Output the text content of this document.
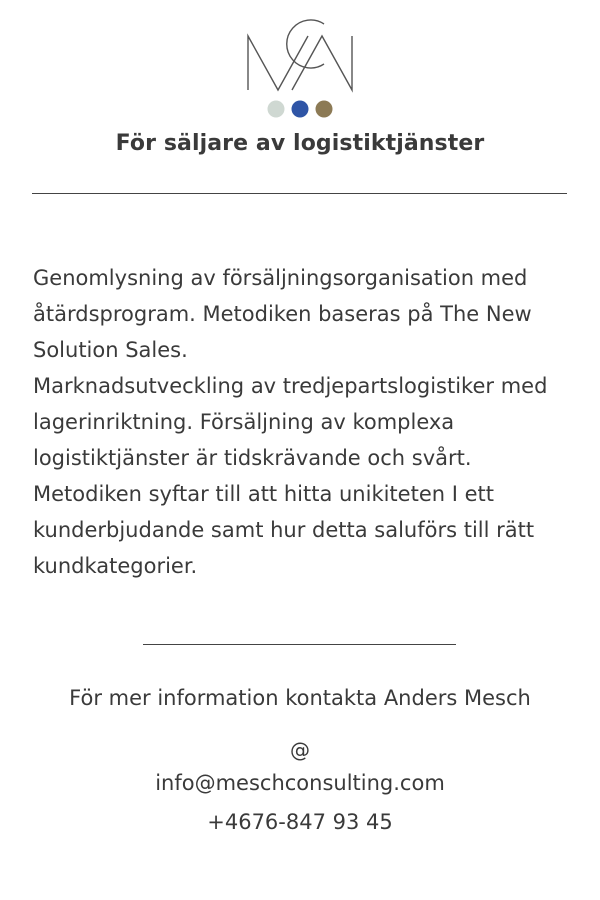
För säljare av logistiktjänster

Genomlysning av försäljningsorganisation med åtärdsprogram. Metodiken baseras på The New Solution Sales.

Marknadsutveckling av tredjepartslogistiker med lagerinriktning. Försäljning av komplexa logistiktjänster är tidskrävande och svårt. Metodiken syftar till att hitta unikiteten I ett kunderbjudande samt hur detta saluförs till rätt kundkategorier.

För mer information kontakta Anders Mesch
@
info@meschconsulting.com
+4676-847 93 45
